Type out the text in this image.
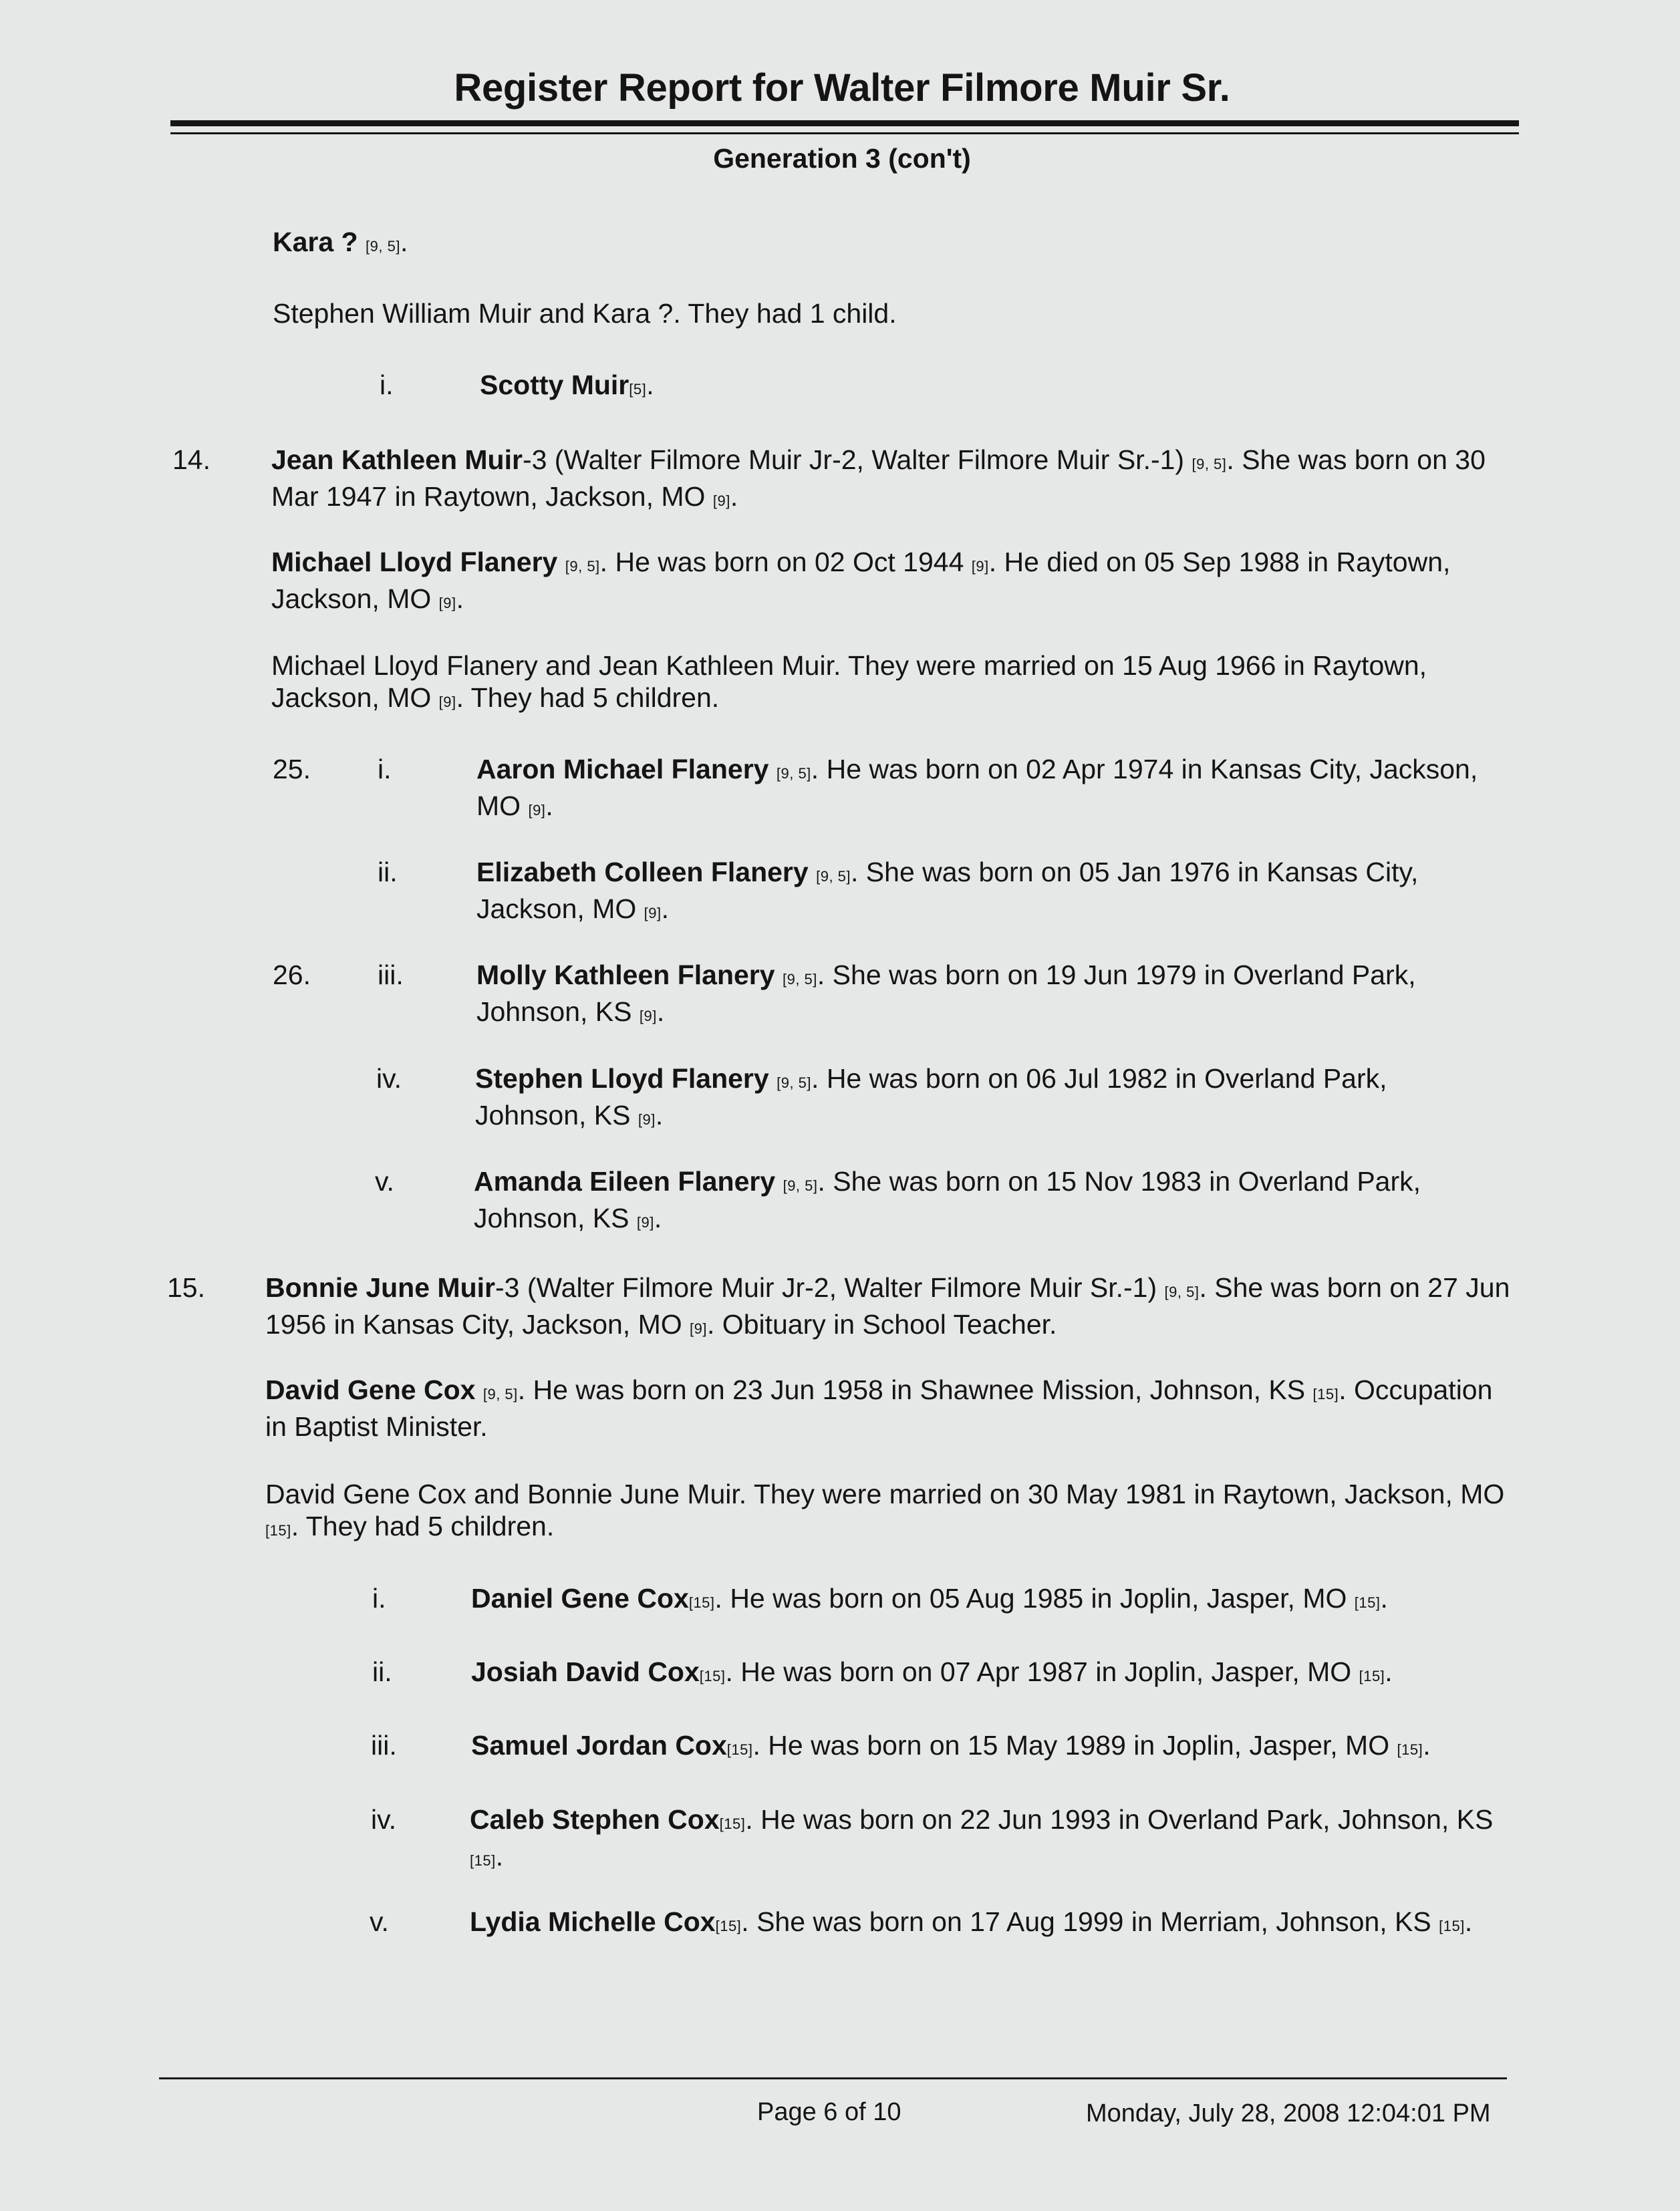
Register Report for Walter Filmore Muir Sr.
Generation 3 (con't)
Kara ? [9, 5].
Stephen William Muir and Kara ?. They had 1 child.
i.	Scotty Muir[5].
14. Jean Kathleen Muir-3 (Walter Filmore Muir Jr-2, Walter Filmore Muir Sr.-1) [9, 5]. She was born on 30 Mar 1947 in Raytown, Jackson, MO [9].
Michael Lloyd Flanery [9, 5]. He was born on 02 Oct 1944 [9]. He died on 05 Sep 1988 in Raytown, Jackson, MO [9].
Michael Lloyd Flanery and Jean Kathleen Muir. They were married on 15 Aug 1966 in Raytown, Jackson, MO [9]. They had 5 children.
25. i.	Aaron Michael Flanery [9, 5]. He was born on 02 Apr 1974 in Kansas City, Jackson, MO [9].
ii.	Elizabeth Colleen Flanery [9, 5]. She was born on 05 Jan 1976 in Kansas City, Jackson, MO [9].
26. iii.	Molly Kathleen Flanery [9, 5]. She was born on 19 Jun 1979 in Overland Park, Johnson, KS [9].
iv.	Stephen Lloyd Flanery [9, 5]. He was born on 06 Jul 1982 in Overland Park, Johnson, KS [9].
v.	Amanda Eileen Flanery [9, 5]. She was born on 15 Nov 1983 in Overland Park, Johnson, KS [9].
15. Bonnie June Muir-3 (Walter Filmore Muir Jr-2, Walter Filmore Muir Sr.-1) [9, 5]. She was born on 27 Jun 1956 in Kansas City, Jackson, MO [9]. Obituary in School Teacher.
David Gene Cox [9, 5]. He was born on 23 Jun 1958 in Shawnee Mission, Johnson, KS [15]. Occupation in Baptist Minister.
David Gene Cox and Bonnie June Muir. They were married on 30 May 1981 in Raytown, Jackson, MO [15]. They had 5 children.
i.	Daniel Gene Cox[15]. He was born on 05 Aug 1985 in Joplin, Jasper, MO [15].
ii.	Josiah David Cox[15]. He was born on 07 Apr 1987 in Joplin, Jasper, MO [15].
iii.	Samuel Jordan Cox[15]. He was born on 15 May 1989 in Joplin, Jasper, MO [15].
iv.	Caleb Stephen Cox[15]. He was born on 22 Jun 1993 in Overland Park, Johnson, KS [15].
v.	Lydia Michelle Cox[15]. She was born on 17 Aug 1999 in Merriam, Johnson, KS [15].
Page 6 of 10	Monday, July 28, 2008 12:04:01 PM
